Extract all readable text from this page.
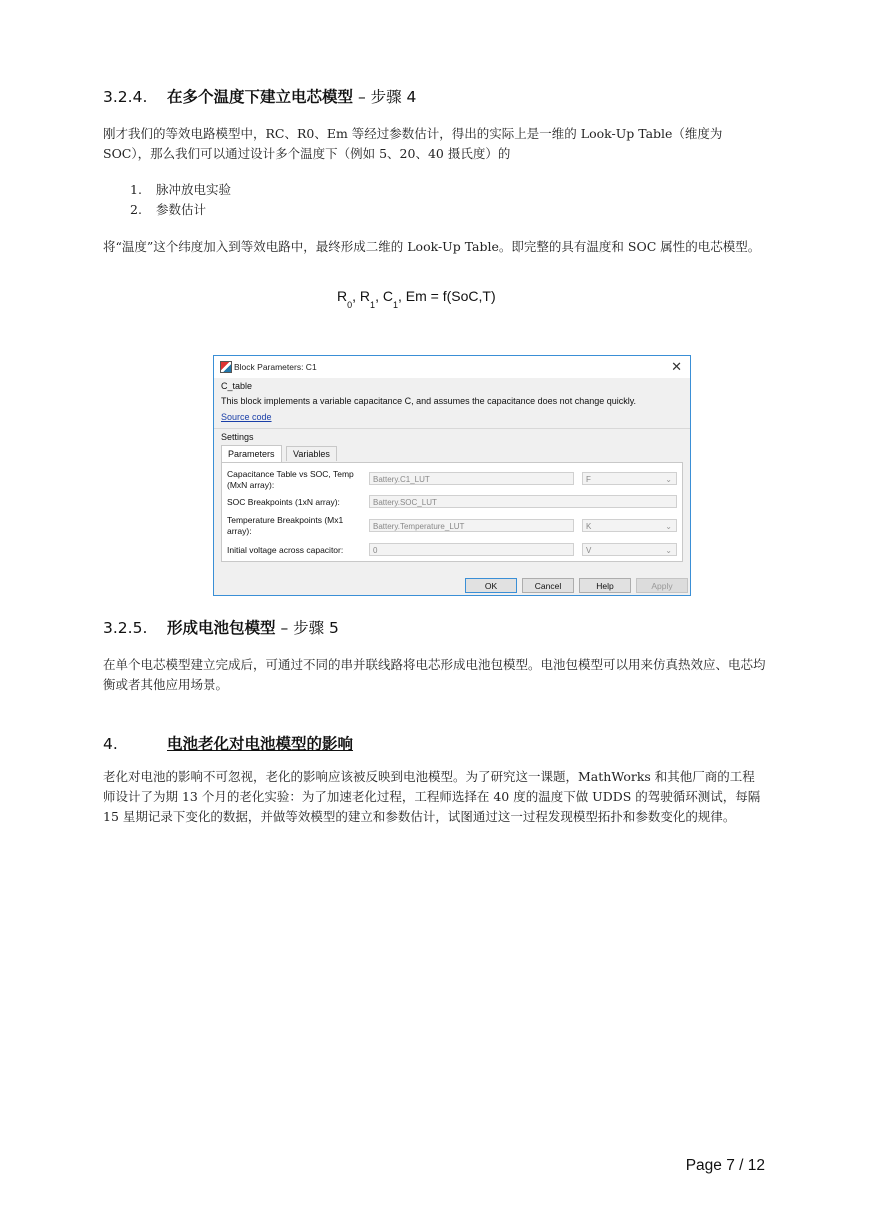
3.2.4. 在多个温度下建立电芯模型 – 步骤 4
刚才我们的等效电路模型中，RC、R0、Em 等经过参数估计，得出的实际上是一维的 Look-Up Table（维度为 SOC），那么我们可以通过设计多个温度下（例如 5、20、40 摄氏度）的
1. 脉冲放电实验
2. 参数估计
将“温度”这个纬度加入到等效电路中，最终形成二维的 Look-Up Table。即完整的具有温度和 SOC 属性的电芯模型。
$R_0$, $R_1$, $C_1$, Em = f(SoC,T)
Block Parameters: C1	✕
C_table
This block implements a variable capacitance C, and assumes the capacitance does not change quickly.
Source code
Settings
Parameters	Variables
Capacitance Table vs SOC, Temp (MxN array):
Battery.C1_LUT	F	⌄
SOC Breakpoints (1xN array):	Battery.SOC_LUT
Temperature Breakpoints (Mx1 array):	Battery.Temperature_LUT	K	⌄
Initial voltage across capacitor:	0	V	⌄
OK	Cancel	Help	Apply
3.2.5. 形成电池包模型 – 步骤 5
在单个电芯模型建立完成后，可通过不同的串并联线路将电芯形成电池包模型。电池包模型可以用来仿真热效应、电芯均衡或者其他应用场景。
4.	电池老化对电池模型的影响
老化对电池的影响不可忽视，老化的影响应该被反映到电池模型。为了研究这一课题，MathWorks 和其他厂商的工程师设计了为期 13 个月的老化实验：为了加速老化过程，工程师选择在 40 度的温度下做 UDDS 的驾驶循环测试，每隔 15 星期记录下变化的数据，并做等效模型的建立和参数估计，试图通过这一过程发现模型拓扑和参数变化的规律。
Page 7 / 12
